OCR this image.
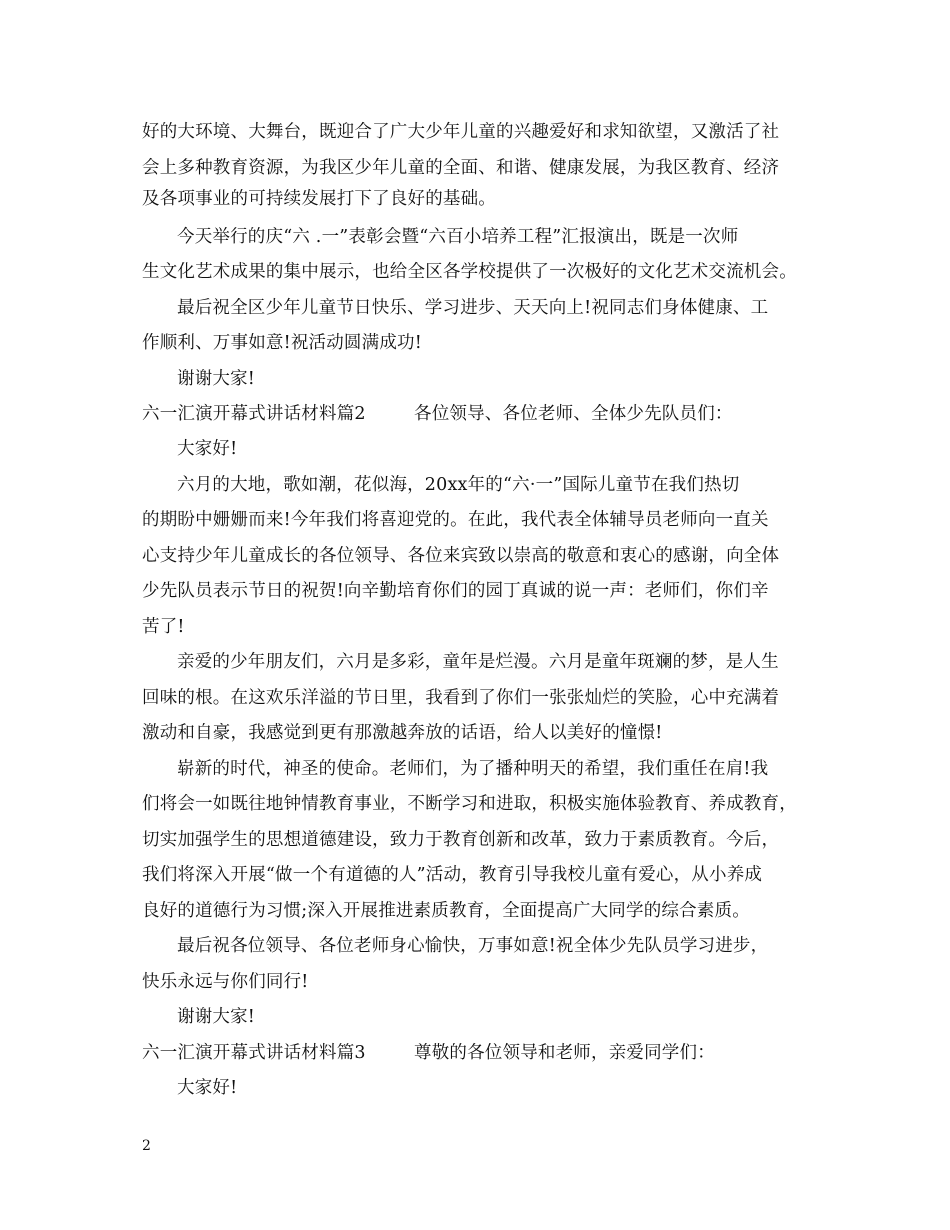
好的大环境、大舞台，既迎合了广大少年儿童的兴趣爱好和求知欲望，又激活了社
会上多种教育资源，为我区少年儿童的全面、和谐、健康发展，为我区教育、经济
及各项事业的可持续发展打下了良好的基础。
今天举行的庆“六 .一”表彰会暨“六百小培养工程”汇报演出，既是一次师
生文化艺术成果的集中展示，也给全区各学校提供了一次极好的文化艺术交流机会。
最后祝全区少年儿童节日快乐、学习进步、天天向上!祝同志们身体健康、工
作顺利、万事如意!祝活动圆满成功!
谢谢大家!
六一汇演开幕式讲话材料篇2	各位领导、各位老师、全体少先队员们：
大家好!
六月的大地，歌如潮，花似海，20xx年的“六·一”国际儿童节在我们热切
的期盼中姗姗而来!今年我们将喜迎党的。在此，我代表全体辅导员老师向一直关
心支持少年儿童成长的各位领导、各位来宾致以崇高的敬意和衷心的感谢，向全体
少先队员表示节日的祝贺!向辛勤培育你们的园丁真诚的说一声：老师们，你们辛
苦了!
亲爱的少年朋友们，六月是多彩，童年是烂漫。六月是童年斑斓的梦，是人生
回味的根。在这欢乐洋溢的节日里，我看到了你们一张张灿烂的笑脸，心中充满着
激动和自豪，我感觉到更有那激越奔放的话语，给人以美好的憧憬!
崭新的时代，神圣的使命。老师们，为了播种明天的希望，我们重任在肩!我
们将会一如既往地钟情教育事业，不断学习和进取，积极实施体验教育、养成教育，
切实加强学生的思想道德建设，致力于教育创新和改革，致力于素质教育。今后，
我们将深入开展“做一个有道德的人”活动，教育引导我校儿童有爱心，从小养成
良好的道德行为习惯;深入开展推进素质教育，全面提高广大同学的综合素质。
最后祝各位领导、各位老师身心愉快，万事如意!祝全体少先队员学习进步，
快乐永远与你们同行!
谢谢大家!
六一汇演开幕式讲话材料篇3	尊敬的各位领导和老师，亲爱同学们：
大家好!
2
